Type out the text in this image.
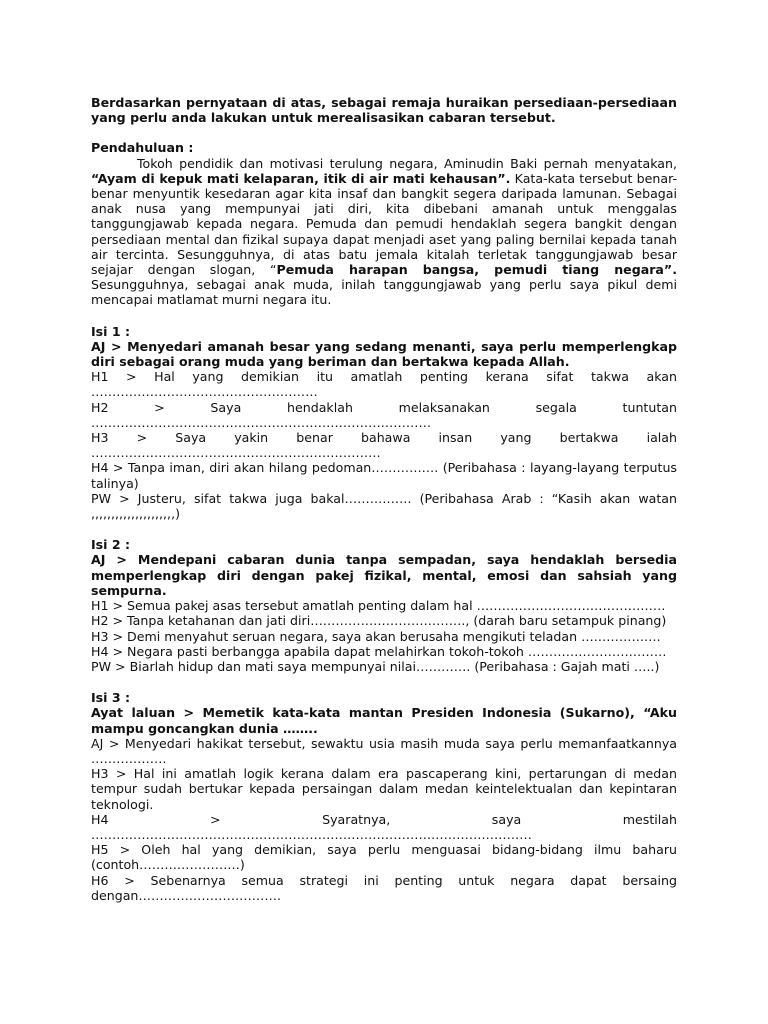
Berdasarkan pernyataan di atas, sebagai remaja huraikan persediaan-persediaan yang perlu anda lakukan untuk merealisasikan cabaran tersebut.

Pendahuluan :

Tokoh pendidik dan motivasi terulung negara, Aminudin Baki pernah menyatakan, “Ayam di kepuk mati kelaparan, itik di air mati kehausan”. Kata-kata tersebut benar-benar menyuntik kesedaran agar kita insaf dan bangkit segera daripada lamunan. Sebagai anak nusa yang mempunyai jati diri, kita dibebani amanah untuk menggalas tanggungjawab kepada negara. Pemuda dan pemudi hendaklah segera bangkit dengan persediaan mental dan fizikal supaya dapat menjadi aset yang paling bernilai kepada tanah air tercinta. Sesungguhnya, di atas batu jemala kitalah terletak tanggungjawab besar sejajar dengan slogan, “Pemuda harapan bangsa, pemudi tiang negara”. Sesungguhnya, sebagai anak muda, inilah tanggungjawab yang perlu saya pikul demi mencapai matlamat murni negara itu.

Isi 1 :

AJ > Menyedari amanah besar yang sedang menanti, saya perlu memperlengkap diri sebagai orang muda yang beriman dan bertakwa kepada Allah.

H1 > Hal yang demikian itu amatlah penting kerana sifat takwa akan

………………………………………………

H2 > Saya hendaklah melaksanakan segala tuntutan

………………………………………………………………………

H3 > Saya yakin benar bahawa insan yang bertakwa ialah

……………………………………………………………

H4 > Tanpa iman, diri akan hilang pedoman……………. (Peribahasa : layang-layang terputus talinya)

PW > Justeru, sifat takwa juga bakal……………. (Peribahasa Arab : “Kasih akan watan ,,,,,,,,,,,,,,,,,,,,,)

Isi 2 :

AJ > Mendepani cabaran dunia tanpa sempadan, saya hendaklah bersedia memperlengkap diri dengan pakej fizikal, mental, emosi dan sahsiah yang sempurna.

H1 > Semua pakej asas tersebut amatlah penting dalam hal ………………………………………

H2 > Tanpa ketahanan dan jati diri………………………………., (darah baru setampuk pinang)

H3 > Demi menyahut seruan negara, saya akan berusaha mengikuti teladan ……………….

H4 > Negara pasti berbangga apabila dapat melahirkan tokoh-tokoh ……………………………

PW > Biarlah hidup dan mati saya mempunyai nilai…………. (Peribahasa : Gajah mati …..)

Isi 3 :

Ayat laluan > Memetik kata-kata mantan Presiden Indonesia (Sukarno), “Aku mampu goncangkan dunia ……..

AJ > Menyedari hakikat tersebut, sewaktu usia masih muda saya perlu memanfaatkannya ………………

H3 > Hal ini amatlah logik kerana dalam era pascaperang kini, pertarungan di medan tempur sudah bertukar kepada persaingan dalam medan keintelektualan dan kepintaran teknologi.

H4 > Syaratnya, saya mestilah

……………………………………………………………………………………………

H5 > Oleh hal yang demikian, saya perlu menguasai bidang-bidang ilmu baharu (contoh……………………)

H6 > Sebenarnya semua strategi ini penting untuk negara dapat bersaing dengan…………………………….
